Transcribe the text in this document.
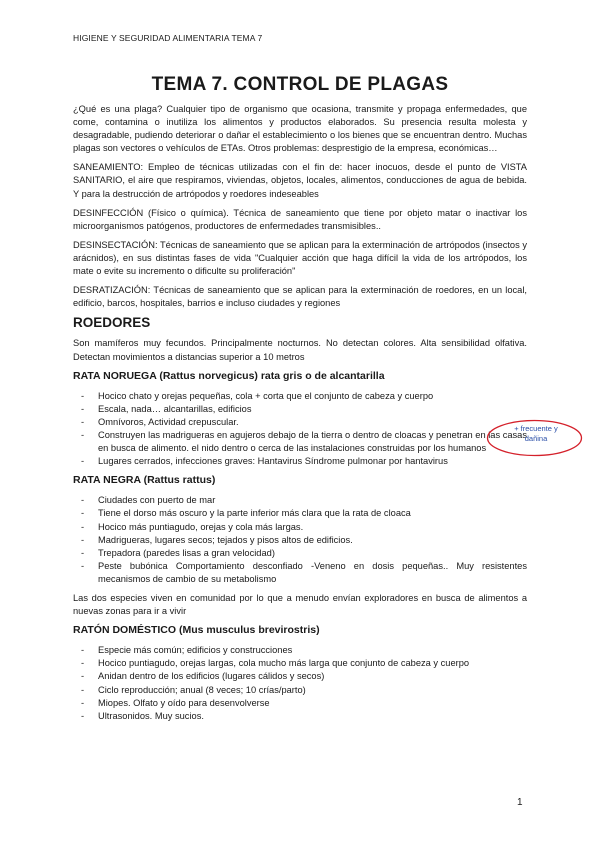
HIGIENE Y SEGURIDAD ALIMENTARIA TEMA 7
TEMA 7. CONTROL DE PLAGAS

¿Qué es una plaga? Cualquier tipo de organismo que ocasiona, transmite y propaga enfermedades, que come, contamina o inutiliza los alimentos y productos elaborados. Su presencia resulta molesta y desagradable, pudiendo deteriorar o dañar el establecimiento o los bienes que se encuentran dentro. Muchas plagas son vectores o vehículos de ETAs. Otros problemas: desprestigio de la empresa, económicas…

SANEAMIENTO: Empleo de técnicas utilizadas con el fin de: hacer inocuos, desde el punto de VISTA SANITARIO, el aire que respiramos, viviendas, objetos, locales, alimentos, conducciones de agua de bebida. Y para la destrucción de artrópodos y roedores indeseables

DESINFECCIÓN (Físico o química). Técnica de saneamiento que tiene por objeto matar o inactivar los microorganismos patógenos, productores de enfermedades transmisibles..

DESINSECTACIÓN: Técnicas de saneamiento que se aplican para la exterminación de artrópodos (insectos y arácnidos), en sus distintas fases de vida "Cualquier acción que haga difícil la vida de los artrópodos, los mate o evite su incremento o dificulte su proliferación"

DESRATIZACIÓN: Técnicas de saneamiento que se aplican para la exterminación de roedores, en un local, edificio, barcos, hospitales, barrios e incluso ciudades y regiones

ROEDORES

Son mamíferos muy fecundos. Principalmente nocturnos. No detectan colores. Alta sensibilidad olfativa. Detectan movimientos a distancias superior a 10 metros

RATA NORUEGA (Rattus norvegicus) rata gris o de alcantarilla
- Hocico chato y orejas pequeñas, cola + corta que el conjunto de cabeza y cuerpo
- Escala, nada… alcantarillas, edificios
- Omnívoros, Actividad crepuscular.
- Construyen las madrigueras en agujeros debajo de la tierra o dentro de cloacas y penetran en las casas en busca de alimento. el nido dentro o cerca de las instalaciones construidas por los humanos
- Lugares cerrados, infecciones graves: Hantavirus Síndrome pulmonar por hantavirus
RATA NEGRA (Rattus rattus)
- Ciudades con puerto de mar
- Tiene el dorso más oscuro y la parte inferior más clara que la rata de cloaca
- Hocico más puntiagudo, orejas y cola más largas.
- Madrigueras, lugares secos; tejados y pisos altos de edificios.
- Trepadora (paredes lisas a gran velocidad)
- Peste bubónica Comportamiento desconfiado -Veneno en dosis pequeñas.. Muy resistentes mecanismos de cambio de su metabolismo

Las dos especies viven en comunidad por lo que a menudo envían exploradores en busca de alimentos a nuevas zonas para ir a vivir

RATÓN DOMÉSTICO (Mus musculus brevirostris)
- Especie más común; edificios y construcciones
- Hocico puntiagudo, orejas largas, cola mucho más larga que conjunto de cabeza y cuerpo
- Anidan dentro de los edificios (lugares cálidos y secos)
- Ciclo reproducción; anual (8 veces; 10 crías/parto)
- Miopes. Olfato y oído para desenvolverse
- Ultrasonidos. Muy sucios.
+ frecuente y
dañina
1
